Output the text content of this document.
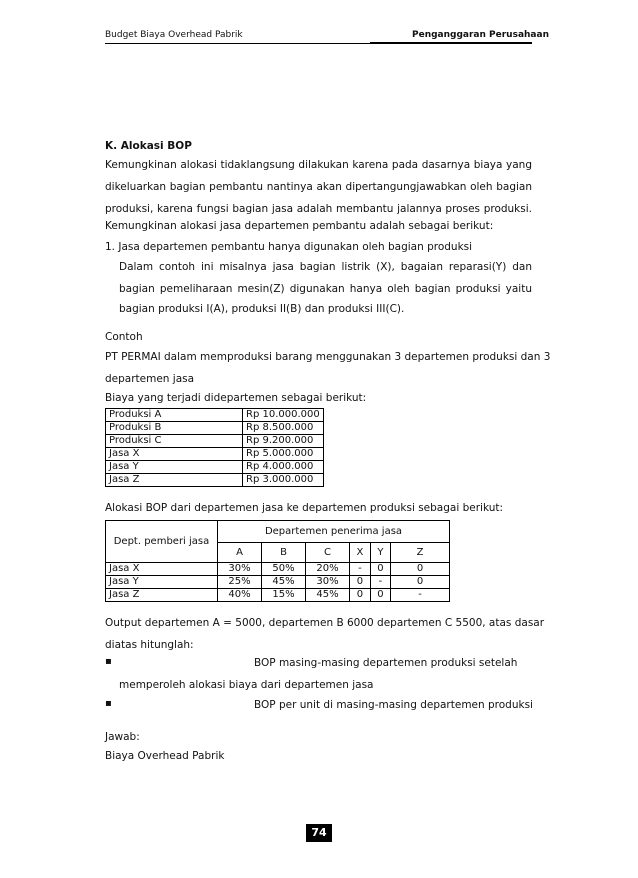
Budget Biaya Overhead Pabrik	Penganggaran Perusahaan
K. Alokasi BOP
Kemungkinan alokasi tidaklangsung dilakukan karena pada dasarnya biaya yang
dikeluarkan bagian pembantu nantinya akan dipertangungjawabkan oleh bagian
produksi, karena fungsi bagian jasa adalah membantu jalannya proses produksi.
Kemungkinan alokasi jasa departemen pembantu adalah sebagai berikut:
1. Jasa departemen pembantu hanya digunakan oleh bagian produksi
Dalam contoh ini misalnya jasa bagian listrik (X), bagaian reparasi(Y) dan
bagian pemeliharaan mesin(Z) digunakan hanya oleh bagian produksi yaitu
bagian produksi I(A), produksi II(B) dan produksi III(C).
Contoh
PT PERMAI dalam memproduksi barang menggunakan 3 departemen produksi dan 3
departemen jasa
Biaya yang terjadi didepartemen sebagai berikut:
Produksi A	Rp 10.000.000
Produksi B	Rp 8.500.000
Produksi C	Rp 9.200.000
Jasa X	Rp 5.000.000
Jasa Y	Rp 4.000.000
Jasa Z	Rp 3.000.000
Alokasi BOP dari departemen jasa ke departemen produksi sebagai berikut:
Dept. pemberi jasa	Departemen penerima jasa					
	A	B	C	X	Y	Z
Jasa X	30%	50%	20%	-	0	0
Jasa Y	25%	45%	30%	0	-	0
Jasa Z	40%	15%	45%	0	0	-
Output departemen A = 5000, departemen B 6000 departemen C 5500, atas dasar
diatas hitunglah:
▪	BOP masing-masing departemen produksi setelah
memperoleh alokasi biaya dari departemen jasa
▪	BOP per unit di masing-masing departemen produksi
Jawab:
Biaya Overhead Pabrik
74
